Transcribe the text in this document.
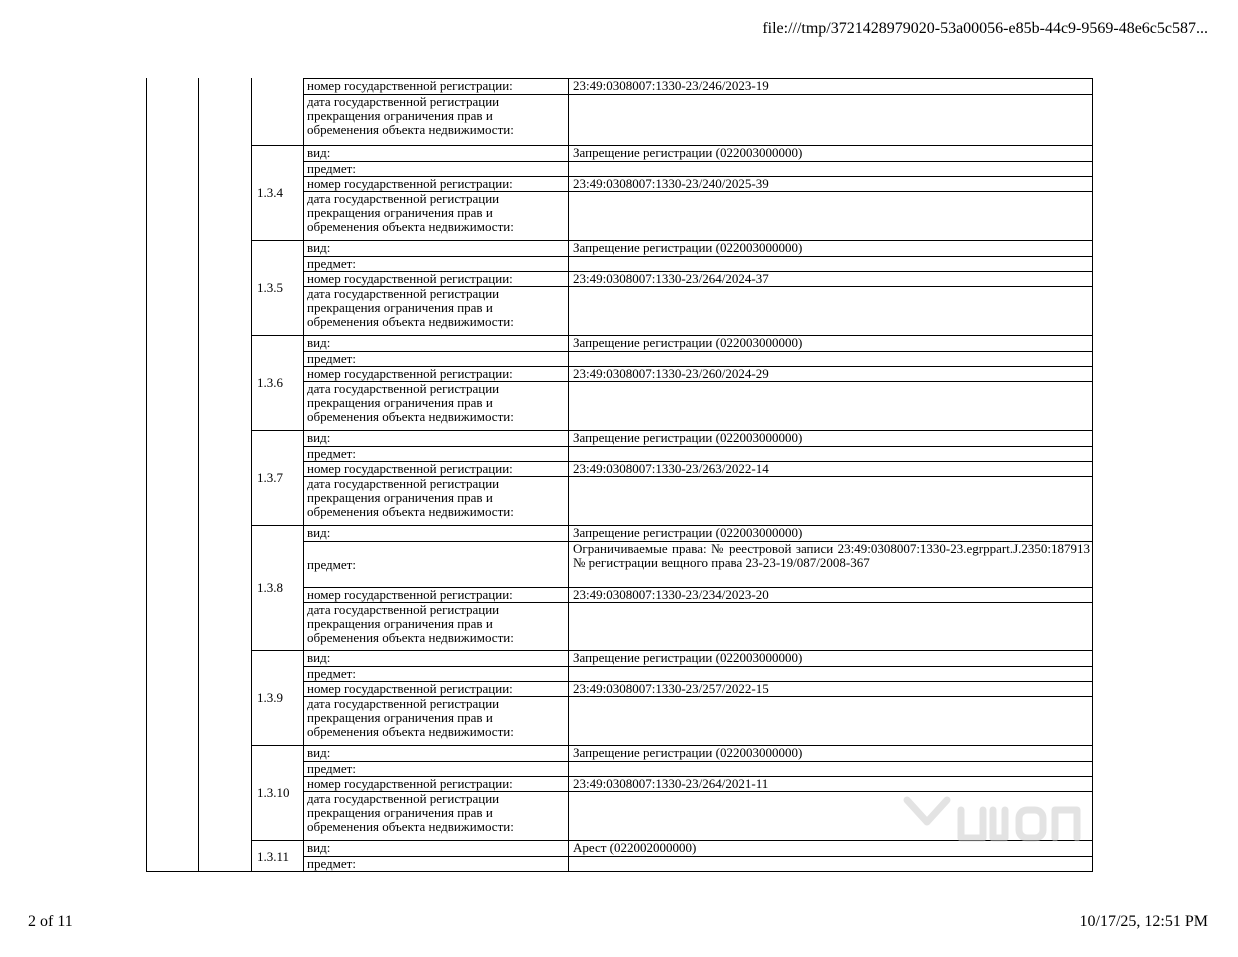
file:///tmp/3721428979020-53a00056-e85b-44c9-9569-48e6c5c587...
номер государственной регистрации:	23:49:0308007:1330-23/246/2023-19
дата государственной регистрации прекращения ограничения прав и обременения объекта недвижимости:
1.3.4
вид:	Запрещение регистрации (022003000000)
предмет:
номер государственной регистрации:	23:49:0308007:1330-23/240/2025-39
дата государственной регистрации прекращения ограничения прав и обременения объекта недвижимости:
1.3.5
вид:	Запрещение регистрации (022003000000)
предмет:
номер государственной регистрации:	23:49:0308007:1330-23/264/2024-37
дата государственной регистрации прекращения ограничения прав и обременения объекта недвижимости:
1.3.6
вид:	Запрещение регистрации (022003000000)
предмет:
номер государственной регистрации:	23:49:0308007:1330-23/260/2024-29
дата государственной регистрации прекращения ограничения прав и обременения объекта недвижимости:
1.3.7
вид:	Запрещение регистрации (022003000000)
предмет:
номер государственной регистрации:	23:49:0308007:1330-23/263/2022-14
дата государственной регистрации прекращения ограничения прав и обременения объекта недвижимости:
1.3.8
вид:	Запрещение регистрации (022003000000)
предмет:
Ограничиваемые права: № реестровой записи 23:49:0308007:1330-23.egrppart.J.2350:187913 № регистрации вещного права 23-23-19/087/2008-367
номер государственной регистрации:	23:49:0308007:1330-23/234/2023-20
дата государственной регистрации прекращения ограничения прав и обременения объекта недвижимости:
1.3.9
вид:	Запрещение регистрации (022003000000)
предмет:
номер государственной регистрации:	23:49:0308007:1330-23/257/2022-15
дата государственной регистрации прекращения ограничения прав и обременения объекта недвижимости:
1.3.10
вид:	Запрещение регистрации (022003000000)
предмет:
номер государственной регистрации:	23:49:0308007:1330-23/264/2021-11
дата государственной регистрации прекращения ограничения прав и обременения объекта недвижимости:
1.3.11
вид:	Арест (022002000000)
предмет:
2 of 11	10/17/25, 12:51 PM
